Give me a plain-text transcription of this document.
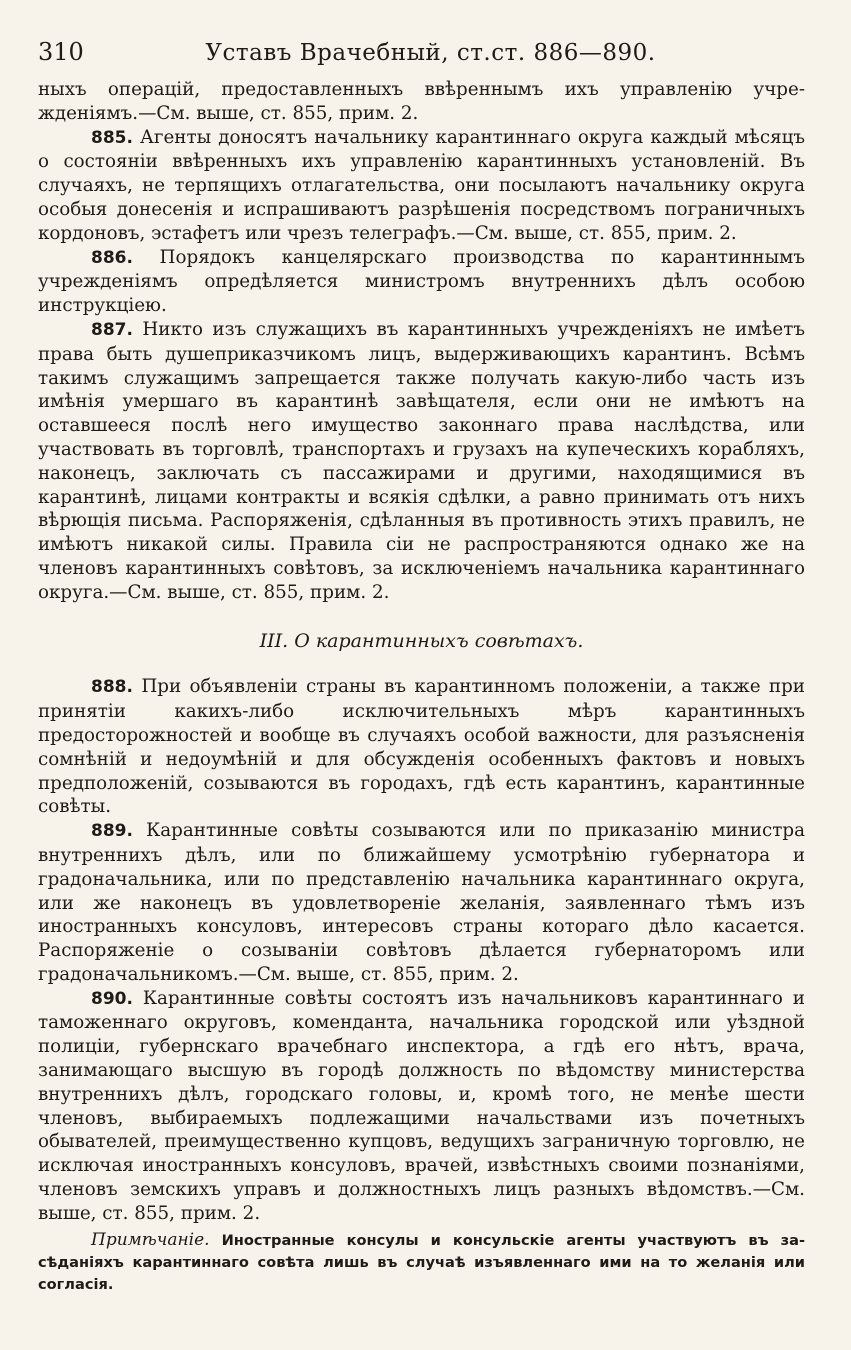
310	Уставъ Врачебный, ст.ст. 886—890.

ныхъ операцій, предоставленныхъ ввѣреннымъ ихъ управленію учрежденіямъ.—См. выше, ст. 855, прим. 2.

885. Агенты доносятъ начальнику карантиннаго округа каждый мѣсяцъ о состояніи ввѣренныхъ ихъ управленію карантинныхъ установленій. Въ случаяхъ, не терпящихъ отлагательства, они посылаютъ начальнику округа особыя донесенія и испрашиваютъ разрѣшенія посредствомъ пограничныхъ кордоновъ, эстафетъ или чрезъ телеграфъ.—См. выше, ст. 855, прим. 2.

886. Порядокъ канцелярскаго производства по карантиннымъ учрежденіямъ опредѣляется министромъ внутреннихъ дѣлъ особою инструкціею.

887. Никто изъ служащихъ въ карантинныхъ учрежденіяхъ не имѣетъ права быть душеприказчикомъ лицъ, выдерживающихъ карантинъ. Всѣмъ такимъ служащимъ запрещается также получать какую-либо часть изъ имѣнія умершаго въ карантинѣ завѣщателя, если они не имѣютъ на оставшееся послѣ него имущество законнаго права наслѣдства, или участвовать въ торговлѣ, транспортахъ и грузахъ на купеческихъ корабляхъ, наконецъ, заключать съ пассажирами и другими, находящимися въ карантинѣ, лицами контракты и всякія сдѣлки, а равно принимать отъ нихъ вѣрющія письма. Распоряженія, сдѣланныя въ противность этихъ правилъ, не имѣютъ никакой силы. Правила сіи не распространяются однако же на членовъ карантинныхъ совѣтовъ, за исключеніемъ начальника карантиннаго округа.—См. выше, ст. 855, прим. 2.

III. О карантинныхъ совѣтахъ.

888. При объявленіи страны въ карантинномъ положеніи, а также при принятіи какихъ-либо исключительныхъ мѣръ карантинныхъ предосторожностей и вообще въ случаяхъ особой важности, для разъясненія сомнѣній и недоумѣній и для обсужденія особенныхъ фактовъ и новыхъ предположеній, созываются въ городахъ, гдѣ есть карантинъ, карантинные совѣты.

889. Карантинные совѣты созываются или по приказанію министра внутреннихъ дѣлъ, или по ближайшему усмотрѣнію губернатора и градоначальника, или по представленію начальника карантиннаго округа, или же наконецъ въ удовлетвореніе желанія, заявленнаго тѣмъ изъ иностранныхъ консуловъ, интересовъ страны котораго дѣло касается. Распоряженіе о созываніи совѣтовъ дѣлается губернаторомъ или градоначальникомъ.—См. выше, ст. 855, прим. 2.

890. Карантинные совѣты состоятъ изъ начальниковъ карантиннаго и таможеннаго округовъ, коменданта, начальника городской или уѣздной полиціи, губернскаго врачебнаго инспектора, а гдѣ его нѣтъ, врача, занимающаго высшую въ городѣ должность по вѣдомству министерства внутреннихъ дѣлъ, городскаго головы, и, кромѣ того, не менѣе шести членовъ, выбираемыхъ подлежащими начальствами изъ почетныхъ обывателей, преимущественно купцовъ, ведущихъ заграничную торговлю, не исключая иностранныхъ консуловъ, врачей, извѣстныхъ своими познаніями, членовъ земскихъ управъ и должностныхъ лицъ разныхъ вѣдомствъ.—См. выше, ст. 855, прим. 2.

Примѣчаніе. Иностранные консулы и консульскіе агенты участвуютъ въ засѣданіяхъ карантиннаго совѣта лишь въ случаѣ изъявленнаго ими на то желанія или согласія.
